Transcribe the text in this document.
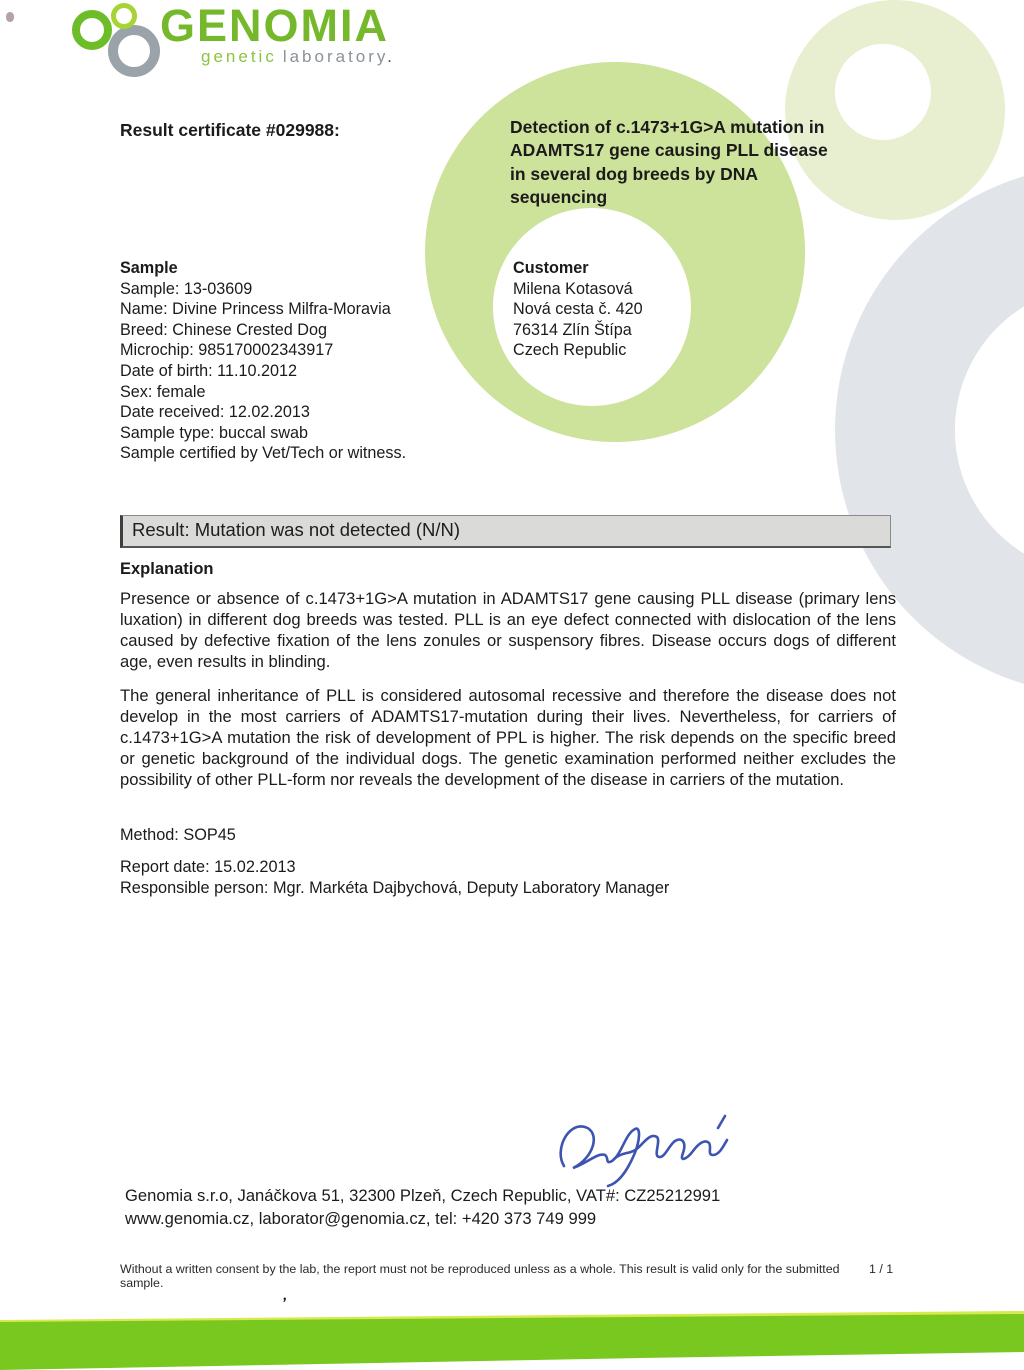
GENOMIA
genetic laboratory.
Result certificate #029988:	Detection of c.1473+1G>A mutation in ADAMTS17 gene causing PLL disease in several dog breeds by DNA sequencing
Sample
Sample: 13-03609
Name: Divine Princess Milfra-Moravia
Breed: Chinese Crested Dog
Microchip: 985170002343917
Date of birth: 11.10.2012
Sex: female
Date received: 12.02.2013
Sample type: buccal swab
Sample certified by Vet/Tech or witness.
Customer
Milena Kotasová
Nová cesta č. 420
76314 Zlín Štípa
Czech Republic
Result: Mutation was not detected (N/N)
Explanation
Presence or absence of c.1473+1G>A mutation in ADAMTS17 gene causing PLL disease (primary lens luxation) in different dog breeds was tested. PLL is an eye defect connected with dislocation of the lens caused by defective fixation of the lens zonules or suspensory fibres. Disease occurs dogs of different age, even results in blinding.
The general inheritance of PLL is considered autosomal recessive and therefore the disease does not develop in the most carriers of ADAMTS17-mutation during their lives. Nevertheless, for carriers of c.1473+1G>A mutation the risk of development of PPL is higher. The risk depends on the specific breed or genetic background of the individual dogs. The genetic examination performed neither excludes the possibility of other PLL-form nor reveals the development of the disease in carriers of the mutation.
Method: SOP45
Report date: 15.02.2013
Responsible person: Mgr. Markéta Dajbychová, Deputy Laboratory Manager
Genomia s.r.o, Janáčkova 51, 32300 Plzeň, Czech Republic, VAT#: CZ25212991
www.genomia.cz, laborator@genomia.cz, tel: +420 373 749 999
Without a written consent by the lab, the report must not be reproduced unless as a whole. This result is valid only for the submitted sample.
1 / 1
’
